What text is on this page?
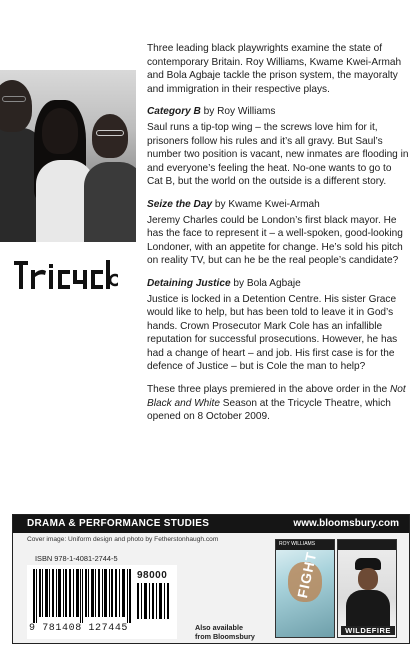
Three leading black playwrights examine the state of contemporary Britain. Roy Williams, Kwame Kwei-Armah and Bola Agbaje tackle the prison system, the mayoralty and immigration in their respective plays.

Category B by Roy Williams

Saul runs a tip-top wing – the screws love him for it, prisoners follow his rules and it’s all gravy. But Saul’s number two position is vacant, new inmates are flooding in and everyone’s feeling the heat. No-one wants to go to Cat B, but the world on the outside is a different story.

Seize the Day by Kwame Kwei-Armah

Jeremy Charles could be London’s first black mayor. He has the face to represent it – a well-spoken, good-looking Londoner, with an appetite for change. He’s sold his pitch on reality TV, but can he be the real people’s candidate?

Detaining Justice by Bola Agbaje

Justice is locked in a Detention Centre. His sister Grace would like to help, but has been told to leave it in God’s hands. Crown Prosecutor Mark Cole has an infallible reputation for successful prosecutions. However, he has had a change of heart – and job. His first case is for the defence of Justice – but is Cole the man to help?

These three plays premiered in the above order in the Not Black and White Season at the Tricycle Theatre, which opened on 8 October 2009.

DRAMA & PERFORMANCE STUDIES	www.bloomsbury.com
Cover image: Uniform design and photo by Fetherstonhaugh.com
ISBN 978-1-4081-2744-5
98000
9 781408 127445	Also available
from Bloomsbury
ROY WILLIAMS
FIGHT
WILDEFIRE
